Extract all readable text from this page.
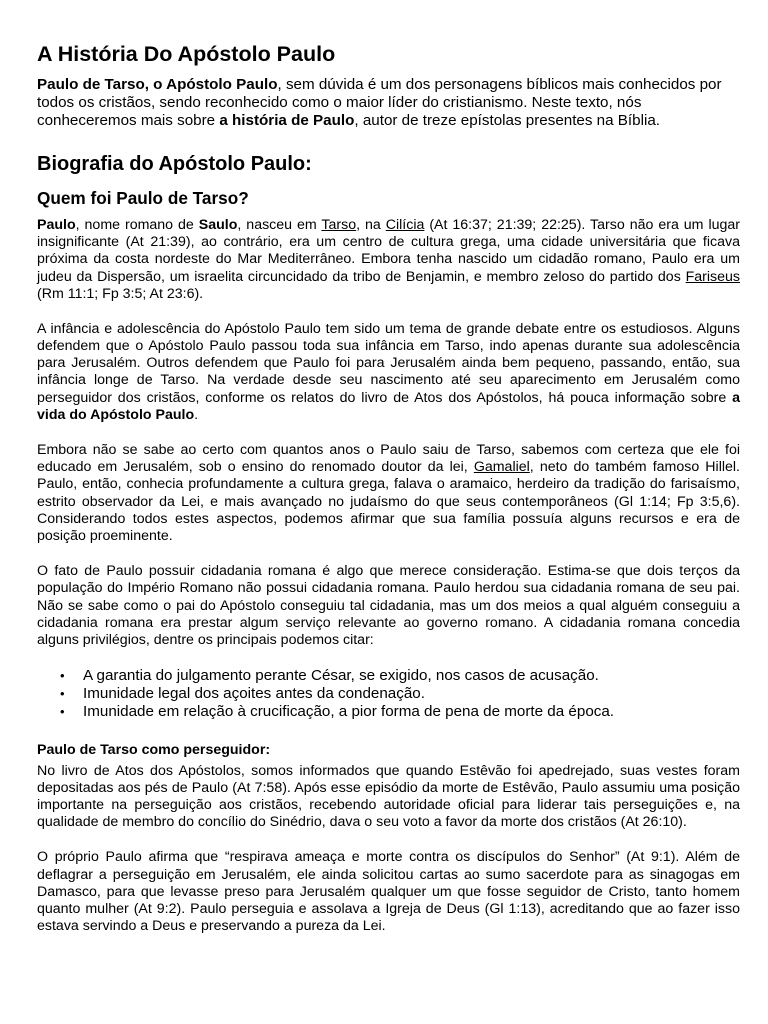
A História Do Apóstolo Paulo

Paulo de Tarso, o Apóstolo Paulo, sem dúvida é um dos personagens bíblicos mais conhecidos por todos os cristãos, sendo reconhecido como o maior líder do cristianismo. Neste texto, nós conheceremos mais sobre a história de Paulo, autor de treze epístolas presentes na Bíblia.

Biografia do Apóstolo Paulo:
Quem foi Paulo de Tarso?

Paulo, nome romano de Saulo, nasceu em Tarso, na Cilícia (At 16:37; 21:39; 22:25). Tarso não era um lugar insignificante (At 21:39), ao contrário, era um centro de cultura grega, uma cidade universitária que ficava próxima da costa nordeste do Mar Mediterrâneo. Embora tenha nascido um cidadão romano, Paulo era um judeu da Dispersão, um israelita circuncidado da tribo de Benjamin, e membro zeloso do partido dos Fariseus (Rm 11:1; Fp 3:5; At 23:6).

A infância e adolescência do Apóstolo Paulo tem sido um tema de grande debate entre os estudiosos. Alguns defendem que o Apóstolo Paulo passou toda sua infância em Tarso, indo apenas durante sua adolescência para Jerusalém. Outros defendem que Paulo foi para Jerusalém ainda bem pequeno, passando, então, sua infância longe de Tarso. Na verdade desde seu nascimento até seu aparecimento em Jerusalém como perseguidor dos cristãos, conforme os relatos do livro de Atos dos Apóstolos, há pouca informação sobre a vida do Apóstolo Paulo.

Embora não se sabe ao certo com quantos anos o Paulo saiu de Tarso, sabemos com certeza que ele foi educado em Jerusalém, sob o ensino do renomado doutor da lei, Gamaliel, neto do também famoso Hillel. Paulo, então, conhecia profundamente a cultura grega, falava o aramaico, herdeiro da tradição do farisaísmo, estrito observador da Lei, e mais avançado no judaísmo do que seus contemporâneos (Gl 1:14; Fp 3:5,6). Considerando todos estes aspectos, podemos afirmar que sua família possuía alguns recursos e era de posição proeminente.

O fato de Paulo possuir cidadania romana é algo que merece consideração. Estima-se que dois terços da população do Império Romano não possui cidadania romana. Paulo herdou sua cidadania romana de seu pai. Não se sabe como o pai do Apóstolo conseguiu tal cidadania, mas um dos meios a qual alguém conseguiu a cidadania romana era prestar algum serviço relevante ao governo romano. A cidadania romana concedia alguns privilégios, dentre os principais podemos citar:

• A garantia do julgamento perante César, se exigido, nos casos de acusação.
• Imunidade legal dos açoites antes da condenação.
• Imunidade em relação à crucificação, a pior forma de pena de morte da época.
Paulo de Tarso como perseguidor:

No livro de Atos dos Apóstolos, somos informados que quando Estêvão foi apedrejado, suas vestes foram depositadas aos pés de Paulo (At 7:58). Após esse episódio da morte de Estêvão, Paulo assumiu uma posição importante na perseguição aos cristãos, recebendo autoridade oficial para liderar tais perseguições e, na qualidade de membro do concílio do Sinédrio, dava o seu voto a favor da morte dos cristãos (At 26:10).

O próprio Paulo afirma que “respirava ameaça e morte contra os discípulos do Senhor” (At 9:1). Além de deflagrar a perseguição em Jerusalém, ele ainda solicitou cartas ao sumo sacerdote para as sinagogas em Damasco, para que levasse preso para Jerusalém qualquer um que fosse seguidor de Cristo, tanto homem quanto mulher (At 9:2). Paulo perseguia e assolava a Igreja de Deus (Gl 1:13), acreditando que ao fazer isso estava servindo a Deus e preservando a pureza da Lei.
